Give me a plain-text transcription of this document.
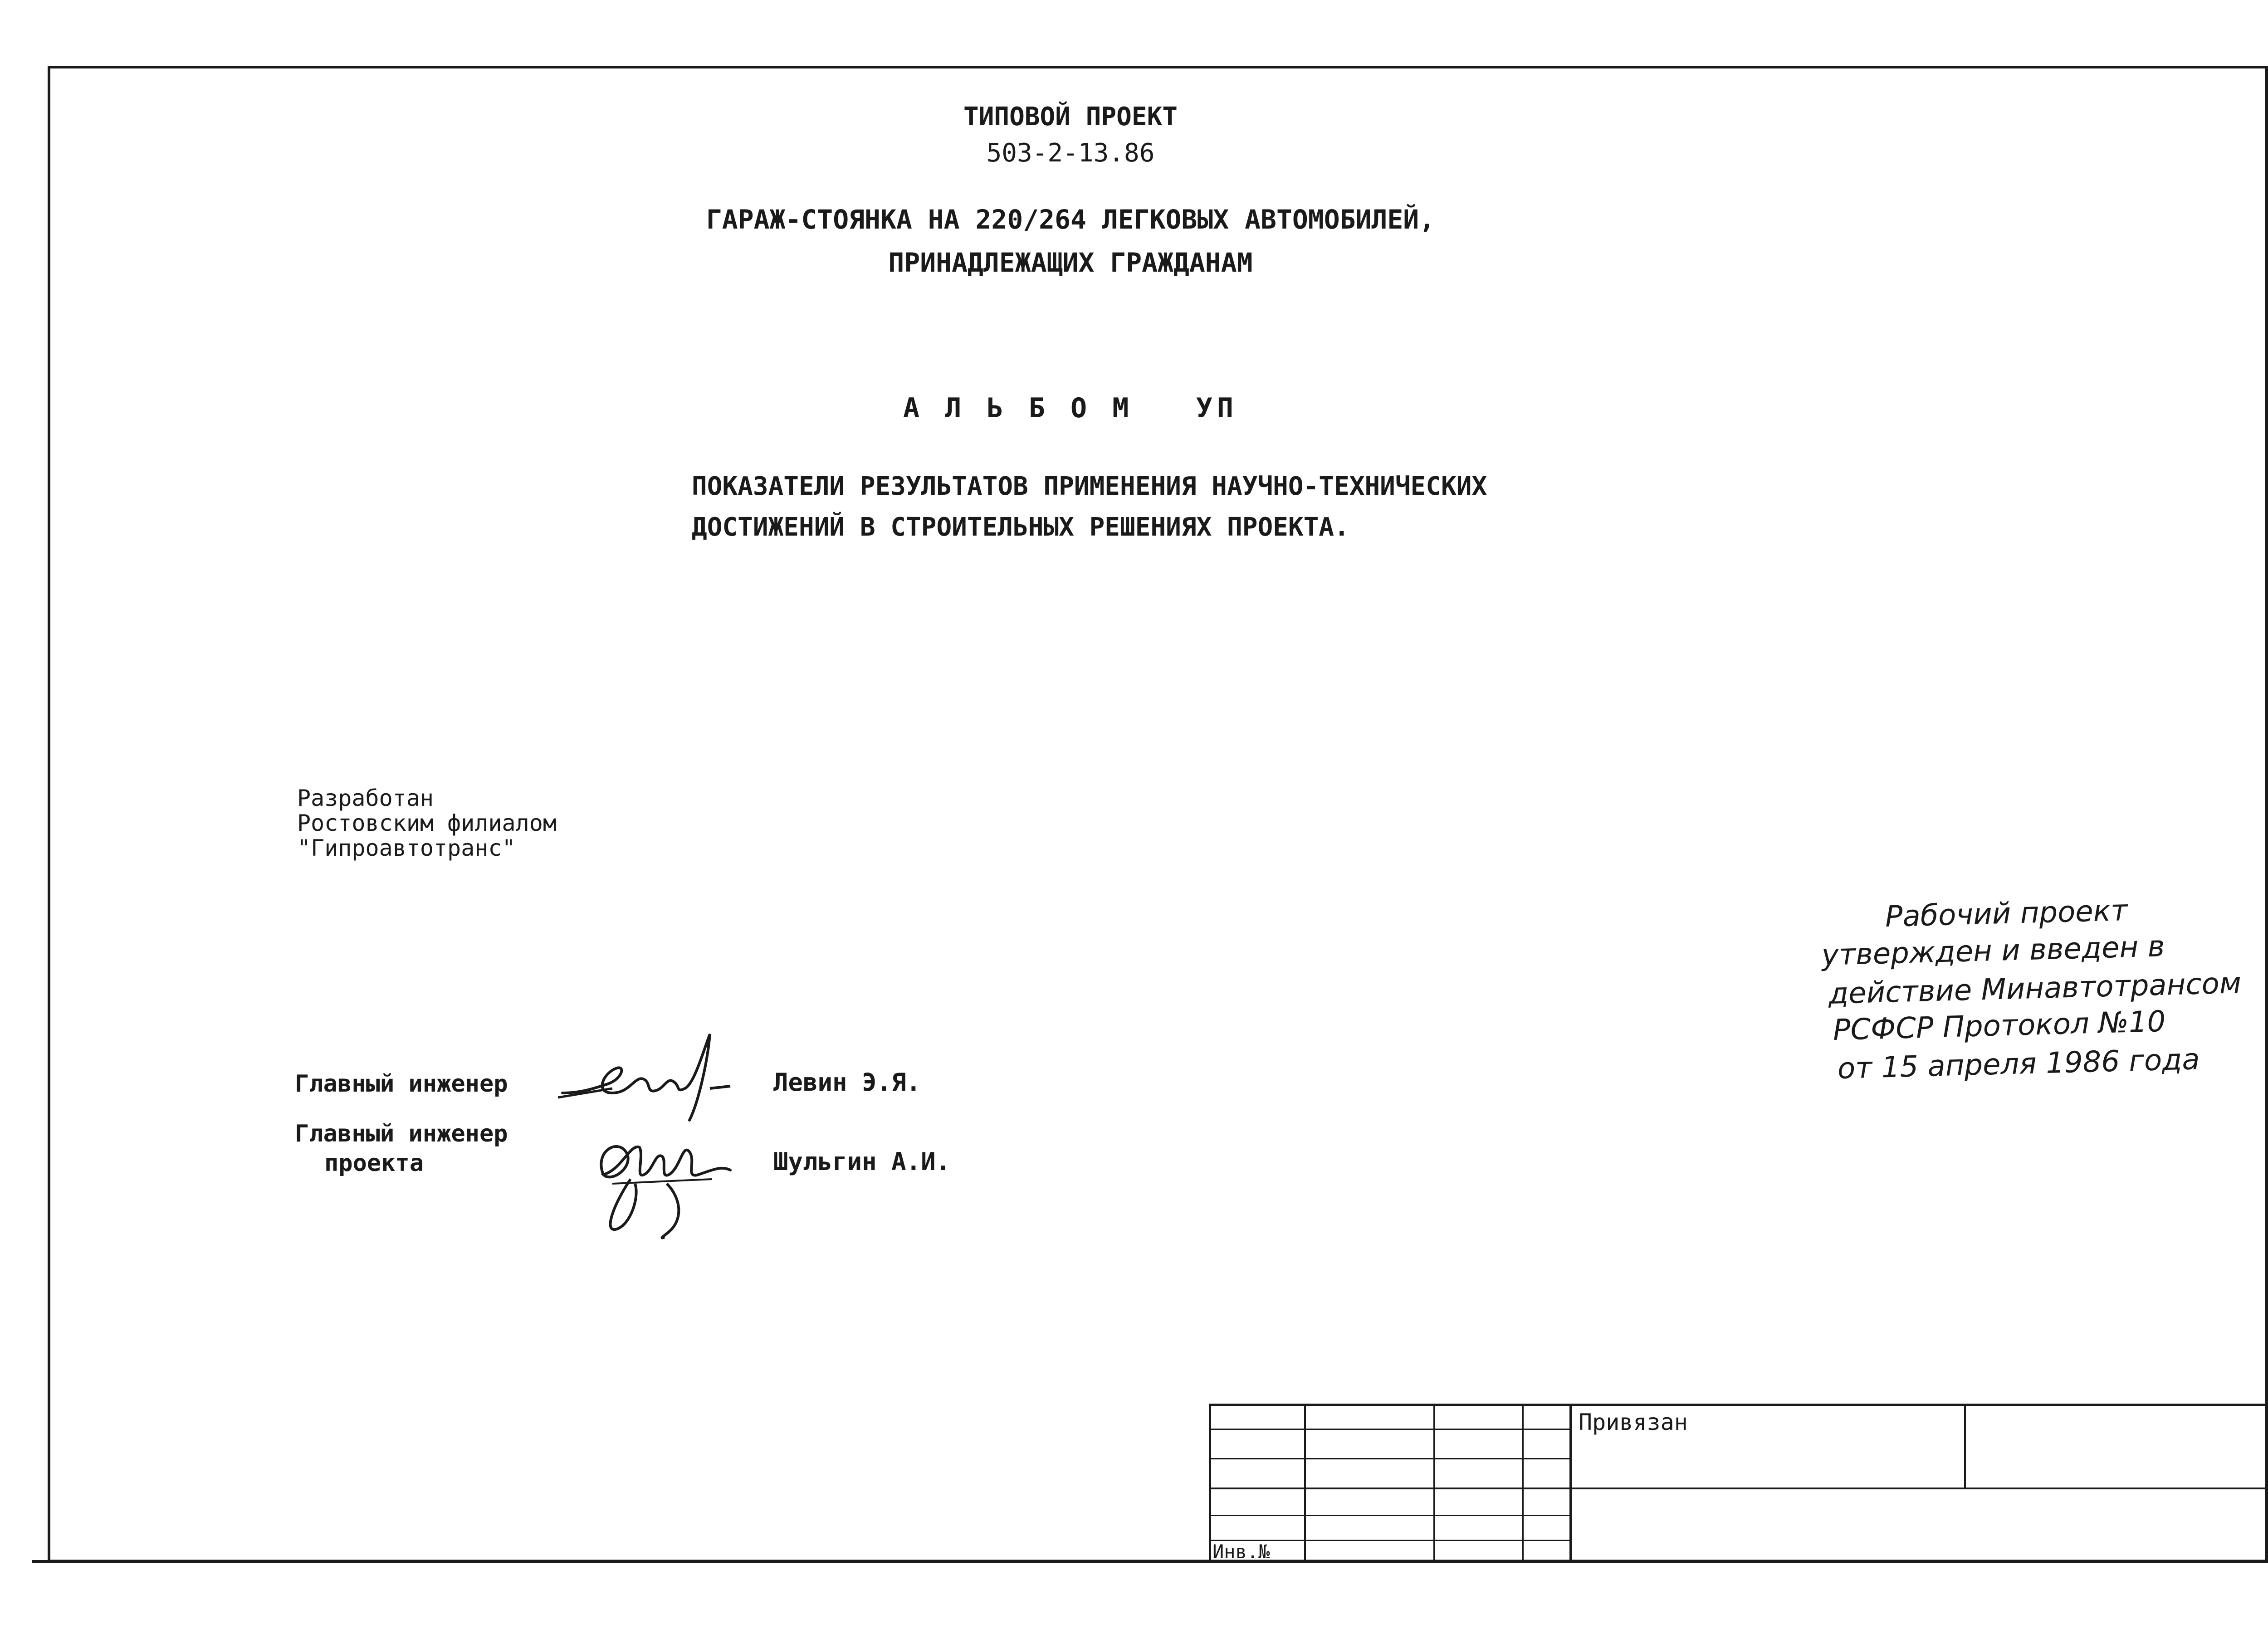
ТИПОВОЙ ПРОЕКТ
503-2-13.86
ГАРАЖ-СТОЯНКА НА 220/264 ЛЕГКОВЫХ АВТОМОБИЛЕЙ,
ПРИНАДЛЕЖАЩИХ ГРАЖДАНАМ
А Л Ь Б О М   УП
ПОКАЗАТЕЛИ РЕЗУЛЬТАТОВ ПРИМЕНЕНИЯ НАУЧНО-ТЕХНИЧЕСКИХ
ДОСТИЖЕНИЙ В СТРОИТЕЛЬНЫХ РЕШЕНИЯХ ПРОЕКТА.
Разработан
Ростовским филиалом
"Гипроавтотранс"
Рабочий проект
утвержден и введен в
действие Минавтотрансом
РСФСР Протокол №10
от 15 апреля 1986 года
Главный инженер	Левин Э.Я.
Главный инженер
проекта	Шульгин А.И.
Привязан
Инв.№
